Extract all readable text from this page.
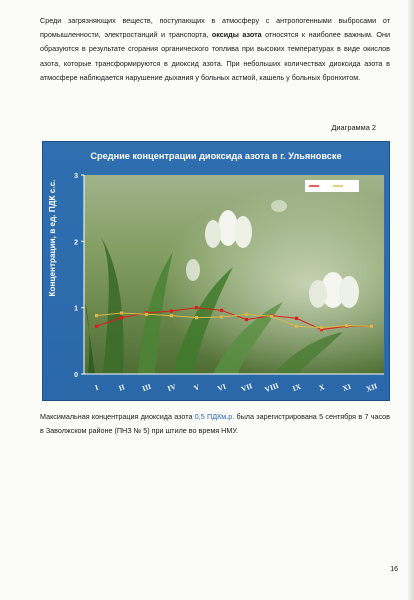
Среди загрязняющих веществ, поступающих в атмосферу с антропогенными выбросами от промышленности, электростанций и транспорта, оксиды азота относятся к наиболее важным. Они образуются в результате сгорания органического топлива при высоких температурах в виде окислов азота, которые трансформируются в диоксид азота. При небольших количествах диоксида азота в атмосфере наблюдается нарушение дыхания у больных астмой, кашель у больных бронхитом.
Диаграмма 2
Средние концентрации диоксида азота в г. Ульяновске
Концентрации, в ед. ПДК с.с.
0
1
2
3
I II III IV V VI VII VIII IX X XI XII
Максимальная концентрация диоксида азота 0,5 ПДКм.р. была зарегистрирована 5 сентября в 7 часов в Заволжском районе (ПНЗ № 5) при штиле во время НМУ.
16
